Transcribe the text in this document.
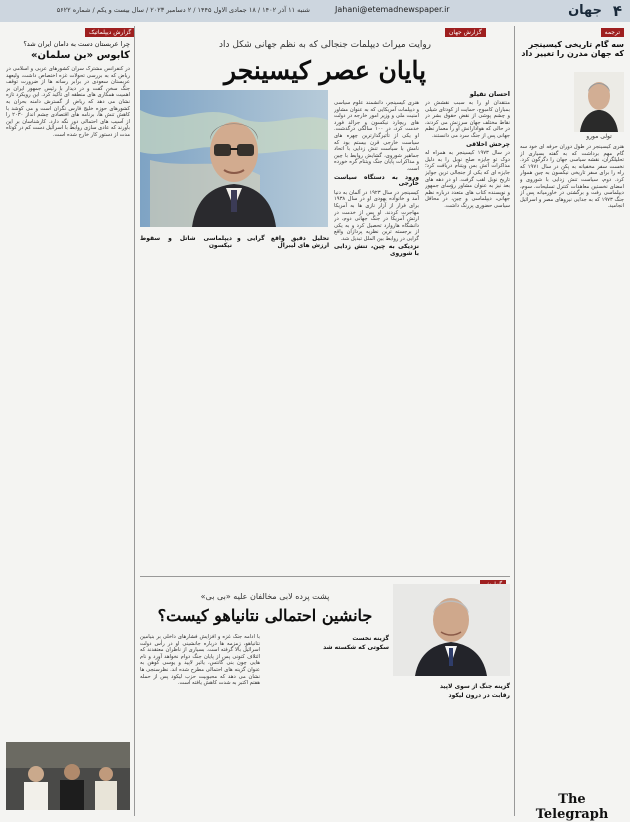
۴
جهان
Jahani@etemadnewspaper.ir
شنبه ۱۱ آذر ۱۴۰۲ / ۱۸ جمادی الاول ۱۴۴۵ / ۲ دسامبر ۲۰۲۳ / سال بیست و یکم / شماره ۵۶۲۲
گزارش دیپلماتیک
چرا عربستان دست به دامان ایران شد؟
کابوس «بن سلمان»
در کنفرانس مشترک سران کشورهای عربی و اسلامی در ریاض که به بررسی تحولات غزه اختصاص داشت، ولیعهد عربستان سعودی در برابر رسانه ها از ضرورت توقف جنگ سخن گفت و در دیدار با رئیس جمهور ایران بر اهمیت همکاری های منطقه ای تأکید کرد. این رویکرد تازه نشان می دهد که ریاض از گسترش دامنه بحران به کشورهای حوزه خلیج فارس نگران است و می کوشد با کاهش تنش ها، برنامه های اقتصادی چشم انداز ۲۰۳۰ را از آسیب های احتمالی دور نگه دارد. کارشناسان بر این باورند که عادی سازی روابط با اسرائیل دست کم در کوتاه مدت از دستور کار خارج شده است.
گزارش جهان
روایت میراث دیپلمات جنجالی که به نظم جهانی شکل داد
پایان عصر کیسینجر
احسان تقیلو
هنری کیسینجر، دانشمند علوم سیاسی و دیپلمات آمریکایی که به عنوان مشاور امنیت ملی و وزیر امور خارجه در دولت های ریچارد نیکسون و جرالد فورد خدمت کرد، در ۱۰۰ سالگی درگذشت. او یکی از تأثیرگذارترین چهره های سیاست خارجی قرن بیستم بود که نامش با سیاست تنش زدایی با اتحاد جماهیر شوروی، گشایش روابط با چین و مذاکرات پایان جنگ ویتنام گره خورده است.
ورود به دستگاه سیاست خارجی
کیسینجر در سال ۱۹۲۳ در آلمان به دنیا آمد و خانواده یهودی او در سال ۱۹۳۸ برای فرار از آزار نازی ها به آمریکا مهاجرت کردند. او پس از خدمت در ارتش آمریکا در جنگ جهانی دوم، در دانشگاه هاروارد تحصیل کرد و به یکی از برجسته ترین نظریه پردازان واقع گرایی در روابط بین الملل تبدیل شد.
نزدیکی به چین، تنش زدایی با شوروی
منتقدان او را به سبب نقشش در بمباران کامبوج، حمایت از کودتای شیلی و چشم پوشی از نقض حقوق بشر در نقاط مختلف جهان سرزنش می کردند، در حالی که هوادارانش او را معمار نظم جهانی پس از جنگ سرد می دانستند.
چرخش اخلاقی
در سال ۱۹۷۳ کیسینجر به همراه له دوک تو جایزه صلح نوبل را به دلیل مذاکرات آتش بس ویتنام دریافت کرد؛ جایزه ای که یکی از جنجالی ترین جوایز تاریخ نوبل لقب گرفت. او در دهه های بعد نیز به عنوان مشاور رؤسای جمهور و نویسنده کتاب های متعدد درباره نظم جهانی، دیپلماسی و چین، در محافل سیاسی حضوری پررنگ داشت.
دیپلماسی شاتل و سقوط نیکسون
تحلیل دقیق واقع گرایی و ارزش های لیبرال
پشت پرده لابی مخالفان علیه «بی بی»
جانشین احتمالی نتانیاهو کیست؟
با ادامه جنگ غزه و افزایش فشارهای داخلی بر بنیامین نتانیاهو، زمزمه ها درباره جانشینی او در رأس دولت اسرائیل بالا گرفته است. بسیاری از ناظران معتقدند که ائتلاف کنونی پس از پایان جنگ دوام نخواهد آورد و نام هایی چون بنی گانتس، یائیر لاپید و یوسی کوهن به عنوان گزینه های احتمالی مطرح شده اند. نظرسنجی ها نشان می دهد که محبوبیت حزب لیکود پس از حمله هفتم اکتبر به شدت کاهش یافته است.
گزینه نخست
سکوتی که شکسته شد
گزینه جنگ از سوی لاپید
رقابت در درون لیکود
ترجمه
سه گام تاریخی کیسینجر که جهان مدرن را تغییر داد
تولی مورو
هنری کیسینجر در طول دوران حرفه ای خود سه گام مهم برداشت که به گفته بسیاری از تحلیلگران، نقشه سیاسی جهان را دگرگون کرد. نخست سفر مخفیانه به پکن در سال ۱۹۷۱ که راه را برای سفر تاریخی نیکسون به چین هموار کرد. دوم، سیاست تنش زدایی با شوروی و امضای نخستین معاهدات کنترل تسلیحات. سوم، دیپلماسی رفت و برگشتی در خاورمیانه پس از جنگ ۱۹۷۳ که به جدایی نیروهای مصر و اسرائیل انجامید.
The Telegraph
